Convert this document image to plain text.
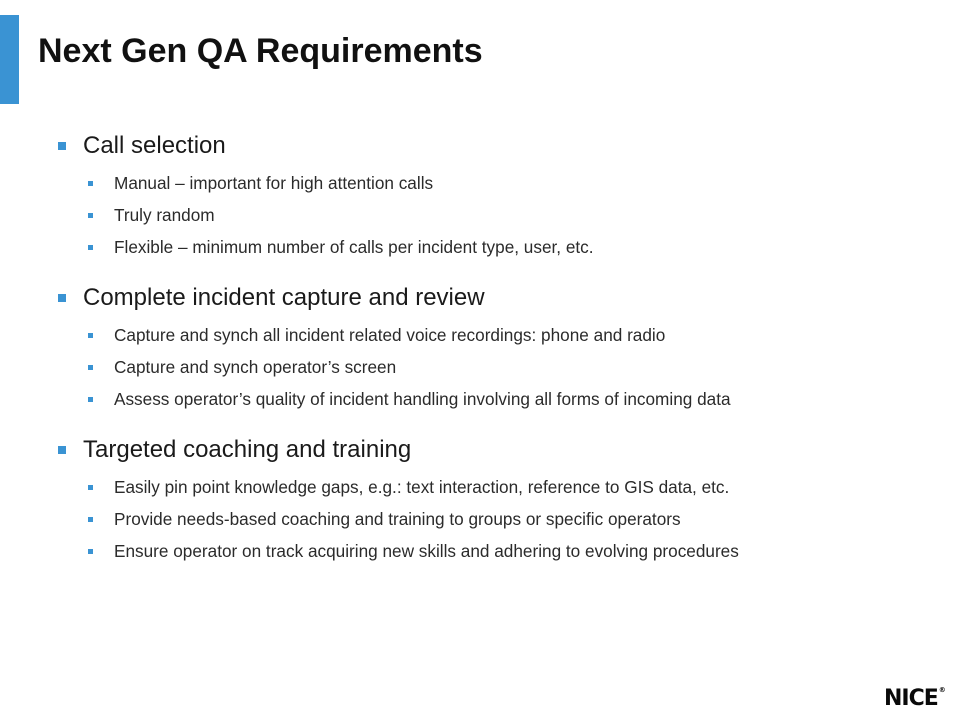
Next Gen QA Requirements
Call selection
Manual – important for high attention calls
Truly random
Flexible – minimum number of calls per incident type, user, etc.
Complete incident capture and review
Capture and synch all incident related voice recordings: phone and radio
Capture and synch operator’s screen
Assess operator’s quality of incident handling involving all forms of incoming data
Targeted coaching and training
Easily pin point knowledge gaps, e.g.: text interaction, reference to GIS data, etc.
Provide needs-based coaching and training to groups or specific operators
Ensure operator on track acquiring new skills and adhering to evolving procedures
NICE®
